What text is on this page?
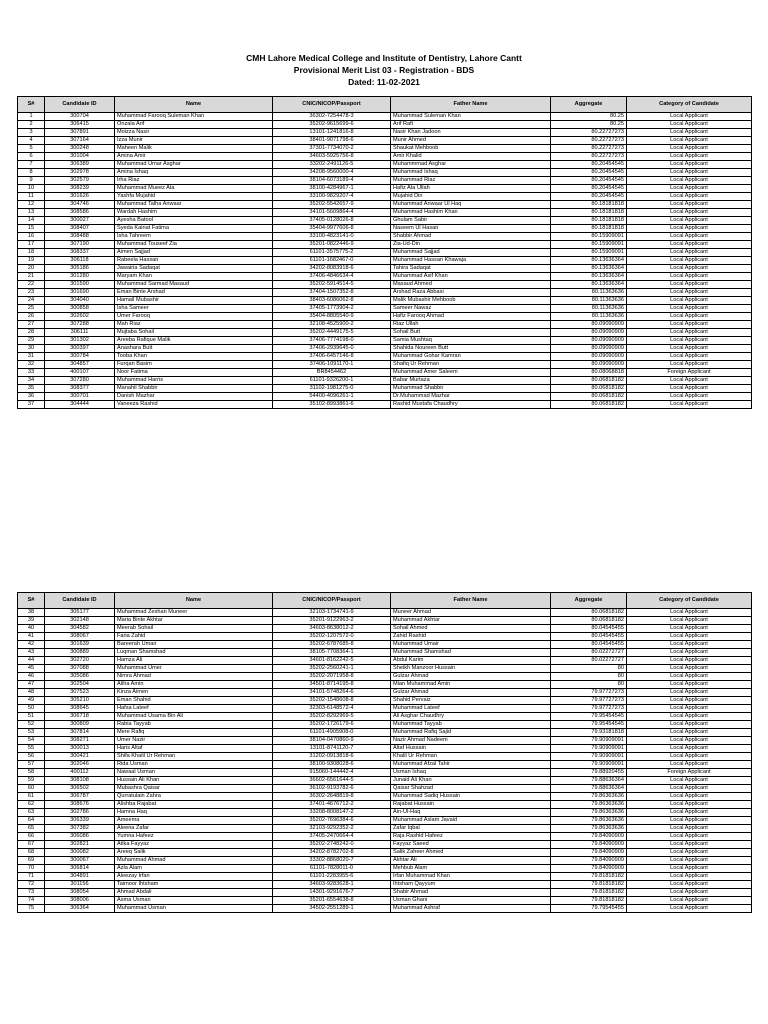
CMH Lahore Medical College and Institute of Dentistry, Lahore Cantt
Provisional Merit List 03 - Registration - BDS
Dated: 11-02-2021
S#	Candidate ID	Name	CNIC/NICOP/Passport	Father Name	Aggregate	Category of Candidate
1	300704	Muhammad Farooq Suleman Khan	36302-7254478-3	Muhammad Suleman Khan	80.25	Local Applicant
2	306415	Onzala Arif	35202-9615699-6	Arif Rafi	80.25	Local Applicant
3	307891	Moizza Nasir	13101-1241816-8	Nasir Khan Jadoon	80.22727273	Local Applicant
4	307164	Izza Munir	38401-9071798-6	Munir Ahmed	80.22727273	Local Applicant
5	300248	Maheen Malik	37301-7734070-2	Shaukat Mehboob	80.22727273	Local Applicant
6	301004	Amina Amir	34603-5925756-8	Amir Khalid	80.22727273	Local Applicant
7	306389	Muhammad Umar Asghar	33202-2491126-5	Muhammmad Asghar	80.20454545	Local Applicant
8	302978	Amina Ishaq	34208-9560000-4	Muhammad Ishaq	80.20454545	Local Applicant
9	302579	Irha Riaz	38104-6073189-4	Muhammad Riaz	80.20454545	Local Applicant
10	308239	Muhammad Mueez Ata	38100-4284967-1	Hafiz Ata Ullah	80.20454545	Local Applicant
11	301626	Yashfa Mujahid	33100-9829207-4	Mujahid Din	80.20454545	Local Applicant
12	304746	Muhammad Talha Anwaar	35202-5542657-9	Muhammad Anwaar Ul Haq	80.18181818	Local Applicant
13	308586	Wardah Hashim	34101-5609864-4	Muhammad Hashim Khan	80.18181818	Local Applicant
14	300027	Ayesha Batool	37405-0128026-8	Ghulam Sabir	80.18181818	Local Applicant
15	308407	Syeda Kainat Fatima	35404-9977606-8	Naseem Ul Hasan	80.18181818	Local Applicant
16	308488	Isha Tahreem	33100-4823141-0	Shabbir Ahmad	80.15909091	Local Applicant
17	307190	Muhammad Touseef Zia	35201-0822446-9	Zia-Ud-Din	80.15909091	Local Applicant
18	308337	Aimen Sajjad	61101-3575775-2	Muhammad Sajjad	80.15909091	Local Applicant
19	306118	Rabeela Hassan	61101-1682467-0	Muhammad Hassan Khawaja	80.13636364	Local Applicant
20	305186	Jawairia Sadaqat	34202-8083918-6	Tahira Sadaqat	80.13636364	Local Applicant
21	301280	Maryam Khan	37406-4846634-4	Muhammad Asif Khan	80.13636364	Local Applicant
22	301590	Muhammad Sarmad Masaud	35202-5914514-5	Masaud Ahmed	80.13636364	Local Applicant
23	301690	Eman Binte Arshad	37404-1507352-8	Arshad Raza Abbasi	80.11363636	Local Applicant
24	304040	Hamail Mubashir	38403-6086062-8	Malik Mubashir Mehboob	80.11363636	Local Applicant
25	300858	Isha Sameer	37405-1773904-2	Sameer Nawaz	80.11363636	Local Applicant
26	302602	Umer Farooq	35404-8805540-9	Hafiz Farooq Ahmad	80.11363636	Local Applicant
27	307288	Mah Riaz	32108-4525900-2	Riaz Ullah	80.09090909	Local Applicant
28	306111	Mujtaba Sohail	35202-4449175-5	Sohail Butt	80.09090909	Local Applicant
29	301302	Areeba Rafique Malik	37406-7774198-0	Samia Mushtaq	80.09090909	Local Applicant
30	300397	Anashara Butt	37406-2939645-0	Shahida Noureen Butt	80.09090909	Local Applicant
31	300784	Tooba Khan	37406-6457146-8	Muhammad Gohar Kamran	80.09090909	Local Applicant
32	304857	Furqan Basim	37406-1091170-1	Shafiq Ur Rehman	80.09090909	Local Applicant
33	400107	Noor Fatima	BR8454462	Muhammad Amer Saleem	80.08068818	Foreign Applicant
34	307280	Muhammad Harris	61101-9326200-1	Babar Murtaza	80.06818182	Local Applicant
35	308377	Manahil Shabbir	31102-1981275-0	Muhammad Shabbir	80.06818182	Local Applicant
36	300701	Danish Mazhar	54400-4096261-1	Dr.Muhammad Mazhar	80.06818182	Local Applicant
37	304444	Vaneeza Rashid	35102-8993861-6	Rashid Mustafa Chaudhry	80.06818182	Local Applicant
S#	Candidate ID	Name	CNIC/NICOP/Passport	Father Name	Aggregate	Category of Candidate
38	305177	Muhammad Zeshan Muneer	32103-1734741-9	Muneer Ahmad	80.06818182	Local Applicant
39	302148	Maria Binte Akhtar	35201-9122963-2	Muhammad Akhtar	80.06818182	Local Applicant
40	304582	Meerab Sohail	34603-8638012-2	Sohail Ahmed	80.04545455	Local Applicant
41	308067	Faria Zahid	35202-1207572-0	Zahid Rashid	80.04545455	Local Applicant
42	301639	Bareerah Umair	35202-6787685-8	Muhammad Umair	80.04545455	Local Applicant
43	300889	Luqman Shamshad	38105-7708364-1	Muhammad Shamshad	80.02272727	Local Applicant
44	302720	Hamza Ali	34601-8162242-5	Abdul Karim	80.02272727	Local Applicant
45	307088	Muhammad Umer	35202-2560241-1	Sheikh Manzoor Hussain	80	Local Applicant
46	305086	Nimra Ahmad	35202-2071958-8	Gulzar Ahmad	80	Local Applicant
47	302504	Aliha Amin	34501-8714195-8	Mian Muhammad Amin	80	Local Applicant
48	307523	Kinza Aimen	34101-5748264-6	Gulzar Ahmad	79.97727273	Local Applicant
49	305210	Eman Shahid	35202-1548608-8	Shahid Pervaiz	79.97727273	Local Applicant
50	308645	Hafsa Lateef	32303-6148572-4	Muhammad Lateef	79.97727273	Local Applicant
51	306718	Muhammad Usama Bin Ali	35202-8292969-5	Ali Asghar Chaudhry	79.95454545	Local Applicant
52	300809	Rabia Tayyab	35202-1726179-6	Muhammad Tayyab	79.95454545	Local Applicant
53	307814	Mere Rafiq	61101-4905908-0	Muhammad Rafiq Sajid	79.93181818	Local Applicant
54	308271	Umer Nazir	38104-0470860-9	Nazir Ahmad Nadeem	79.90909091	Local Applicant
55	300013	Haris Altaf	13101-8741120-7	Altaf Hussain	79.90909091	Local Applicant
56	300421	Shifa Khalil Ur Rehman	31202-0913818-6	Khalil Ur Rehman	79.90909091	Local Applicant
57	302046	Rida Usman	38100-9308028-6	Muhammad Afzal Tahir	79.90909091	Local Applicant
58	400112	Nawaal Usman	915060-144442-4	Usman Ishaq	79.88920455	Foreign Applicant
59	308108	Hussain Ali Khan	36602-6561644-5	Junaid Ali Khan	79.88636364	Local Applicant
60	306502	Mubashra Qaisar	36102-9193782-6	Qaisar Shahzad	79.88636364	Local Applicant
61	306787	Qurratulain Zahra	36302-2648819-8	Muhammad Sadiq Hussain	79.86363636	Local Applicant
62	308676	Alishba Rajabat	37401-4676712-2	Rajabat Hussain	79.86363636	Local Applicant
63	302786	Hamna Haq	33208-8008147-2	Ain-Ul-Haq	79.86363636	Local Applicant
64	306339	Ameema	35202-7696384-6	Muhammad Aslam Javaid	79.86363636	Local Applicant
65	307382	Aleena Zafar	32103-9292352-2	Zafar Iqbal	79.86363636	Local Applicant
66	306086	Yumna Hafeez	37405-2470664-4	Raja Rashid Hafeez	79.84090909	Local Applicant
67	302821	Atika Fayyaz	35202-2748242-0	Fayyaz Saeed	79.84090909	Local Applicant
68	300082	Areeq Salik	34202-8782702-8	Salik Zaheer Ahmed	79.84090909	Local Applicant
69	300067	Muhammad Ahmad	33302-8868020-7	Akhtar Ali	79.84090909	Local Applicant
70	306814	Azla Alam	61101-7828011-0	Mehbub Alam	79.84090909	Local Applicant
71	304891	Aleezay Irfan	61101-2283955-6	Irfan Muhammad Khan	79.81818182	Local Applicant
72	301156	Taimoor Ihtsham	34603-9283628-1	Ihtsham Qayyum	79.81818182	Local Applicant
73	308054	Ahmad Abdali	14301-9291676-7	Shabir Ahmad	79.81818182	Local Applicant
74	308006	Asma Usman	35201-6554638-8	Usman Ghani	79.81818182	Local Applicant
75	306364	Muhammad Usman	34502-2551289-1	Muhammad Ashraf	79.79545455	Local Applicant
